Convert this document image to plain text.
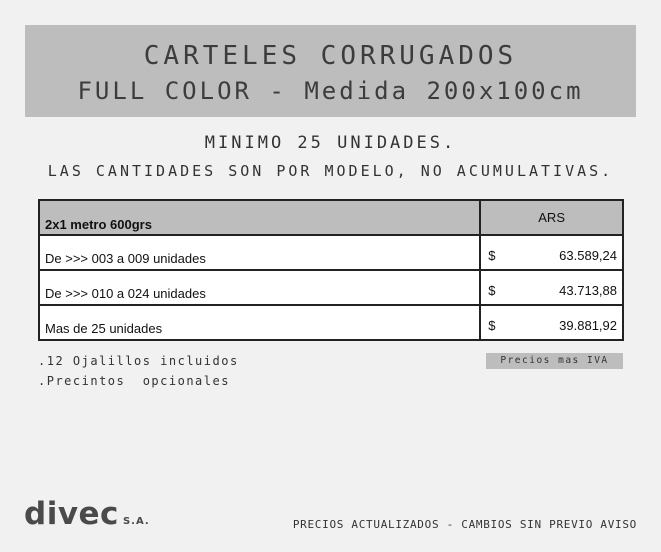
CARTELES CORRUGADOS
FULL COLOR - Medida 200x100cm
MINIMO 25 UNIDADES.
LAS CANTIDADES SON POR MODELO, NO ACUMULATIVAS.
2x1 metro 600grs	ARS
De >>> 003 a 009 unidades	$ 63.589,24

De >>> 010 a 024 unidades	$ 43.713,88

Mas de 25 unidades	$ 39.881,92
.12 Ojalillos incluidos
.Precintos  opcionales
Precios mas IVA
divec S.A.	PRECIOS ACTUALIZADOS - CAMBIOS SIN PREVIO AVISO
